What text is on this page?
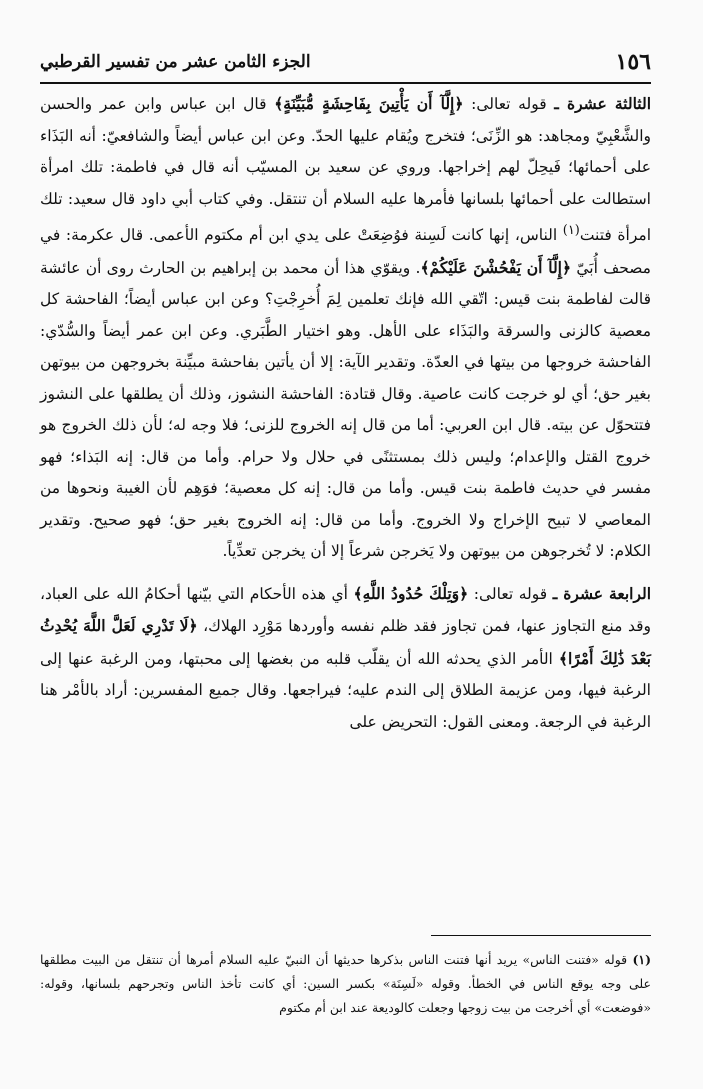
الجزء الثامن عشر من تفسير القرطبي	١٥٦

الثالثة عشرة ـ قوله تعالى: ﴿إِلَّآ أَن يَأْتِينَ بِفَاحِشَةٍ مُّبَيِّنَةٍ﴾ قال ابن عباس وابن عمر والحسن والشَّعْبِيّ ومجاهد: هو الزِّنَى؛ فتخرج ويُقام عليها الحدّ. وعن ابن عباس أيضاً والشافعيّ: أنه البَذَاء على أحمائها؛ فَيحِلّ لهم إخراجها. وروي عن سعيد بن المسيّب أنه قال في فاطمة: تلك امرأة استطالت على أحمائها بلسانها فأمرها عليه السلام أن تنتقل. وفي كتاب أبي داود قال سعيد: تلك امرأة فتنت$^{(١)}$ الناس، إنها كانت لَسِنة فوُضِعَتْ على يدي ابن أم مكتوم الأعمى. قال عكرمة: في مصحف أُبَيّ ﴿إِلَّآ أَن يَفْحُشْنَ عَلَيْكُمْ﴾. ويقوّي هذا أن محمد بن إبراهيم بن الحارث روى أن عائشة قالت لفاطمة بنت قيس: اتّقي الله فإنك تعلمين لِمَ أُخرِجْتِ؟ وعن ابن عباس أيضاً؛ الفاحشة كل معصية كالزنى والسرقة والبَذَاء على الأهل. وهو اختيار الطَّبَري. وعن ابن عمر أيضاً والسُّدّي: الفاحشة خروجها من بيتها في العدّة. وتقدير الآية: إلا أن يأتين بفاحشة مبيِّنة بخروجهن من بيوتهن بغير حق؛ أي لو خرجت كانت عاصية. وقال قتادة: الفاحشة النشوز، وذلك أن يطلقها على النشوز فتتحوّل عن بيته. قال ابن العربي: أما من قال إنه الخروج للزنى؛ فلا وجه له؛ لأن ذلك الخروج هو خروج القتل والإعدام؛ وليس ذلك بمستثنًى في حلال ولا حرام. وأما من قال: إنه البَذاء؛ فهو مفسر في حديث فاطمة بنت قيس. وأما من قال: إنه كل معصية؛ فوَهِم لأن الغيبة ونحوها من المعاصي لا تبيح الإخراج ولا الخروج. وأما من قال: إنه الخروج بغير حق؛ فهو صحيح. وتقدير الكلام: لا تُخرجوهن من بيوتهن ولا يَخرجن شرعاً إلا أن يخرجن تعدِّياً.

الرابعة عشرة ـ قوله تعالى: ﴿وَتِلْكَ حُدُودُ اللَّهِ﴾ أي هذه الأحكام التي بيّنها أحكامُ الله على العباد، وقد منع التجاوز عنها، فمن تجاوز فقد ظلم نفسه وأوردها مَوْرِد الهلاك، ﴿لَا تَدْرِي لَعَلَّ اللَّهَ يُحْدِثُ بَعْدَ ذَٰلِكَ أَمْرًا﴾ الأمر الذي يحدثه الله أن يقلّب قلبه من بغضها إلى محبتها، ومن الرغبة عنها إلى الرغبة فيها، ومن عزيمة الطلاق إلى الندم عليه؛ فيراجعها. وقال جميع المفسرين: أراد بالأمْر هنا الرغبة في الرجعة. ومعنى القول: التحريض على

(١) قوله «فتنت الناس» يريد أنها فتنت الناس بذكرها حديثها أن النبيّ عليه السلام أمرها أن تنتقل من البيت مطلقها على وجه يوقع الناس في الخطأ. وقوله «لَسِنَة» بكسر السين: أي كانت تأخذ الناس وتجرحهم بلسانها، وقوله: «فوضعت» أي أخرجت من بيت زوجها وجعلت كالوديعة عند ابن أم مكتوم
